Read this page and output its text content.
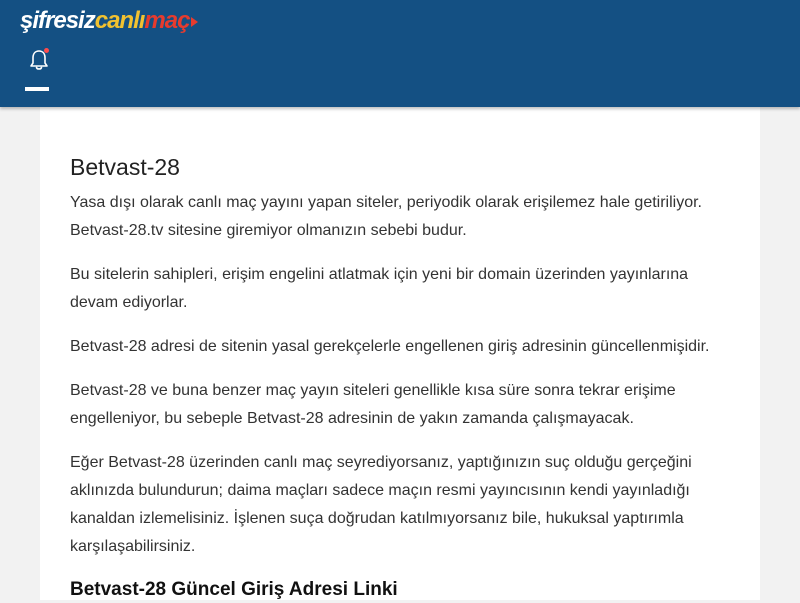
şifresizcanlımaç
Betvast-28

Yasa dışı olarak canlı maç yayını yapan siteler, periyodik olarak erişilemez hale getiriliyor. Betvast-28.tv sitesine giremiyor olmanızın sebebi budur.

Bu sitelerin sahipleri, erişim engelini atlatmak için yeni bir domain üzerinden yayınlarına devam ediyorlar.

Betvast-28 adresi de sitenin yasal gerekçelerle engellenen giriş adresinin güncellenmişidir.

Betvast-28 ve buna benzer maç yayın siteleri genellikle kısa süre sonra tekrar erişime engelleniyor, bu sebeple Betvast-28 adresinin de yakın zamanda çalışmayacak.

Eğer Betvast-28 üzerinden canlı maç seyrediyorsanız, yaptığınızın suç olduğu gerçeğini aklınızda bulundurun; daima maçları sadece maçın resmi yayıncısının kendi yayınladığı kanaldan izlemelisiniz. İşlenen suça doğrudan katılmıyorsanız bile, hukuksal yaptırımla karşılaşabilirsiniz.

Betvast-28 Güncel Giriş Adresi Linki
